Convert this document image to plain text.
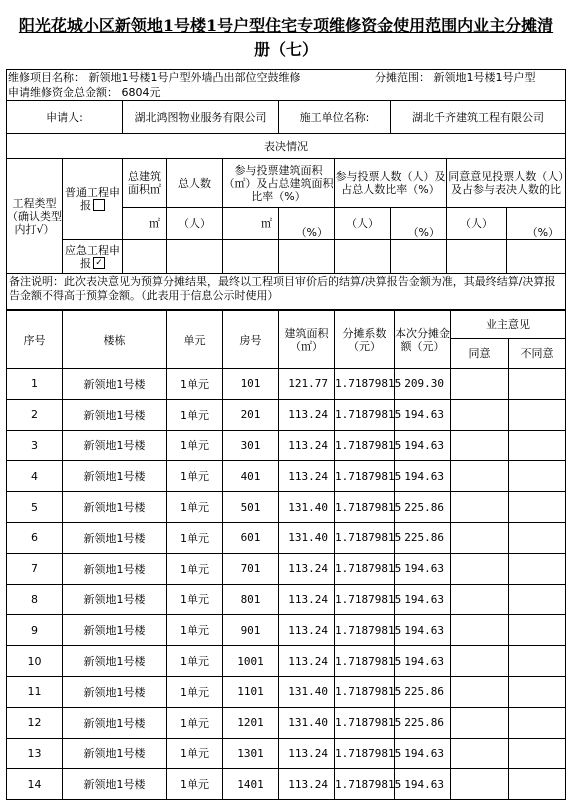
阳光花城小区新领地1号楼1号户型住宅专项维修资金使用范围内业主分摊清
册（七）
维修项目名称： 新领地1号楼1号户型外墙凸出部位空鼓维修	分摊范围： 新领地1号楼1号户型
申请维修资金总金额： 6804元
申请人:		湖北鸿图物业服务有限公司			施工单位名称:		湖北千齐建筑工程有限公司		
表决情况									
工程类型（确认类型内打√）	普通工程申报	总建筑面积㎡	总人数	参与投票建筑面积（㎡）及占总建筑面积比率（%）		参与投票人数（人）及占总人数比率（%）		同意意见投票人数（人）及占参与表决人数的比	
		㎡	（人）	㎡	（%）	（人）	（%）	（人）	（%）
	应急工程申报 ✓								
备注说明：此次表决意见为预算分摊结果，最终以工程项目审价后的结算/决算报告金额为准，其最终结算/决算报告金额不得高于预算金额。（此表用于信息公示时使用）									
序号	楼栋	单元	房号	建筑面积（㎡）	分摊系数（元）	本次分摊金额（元）	业主意见	
							同意	不同意
1	新领地1号楼	1单元	101	121.77	1.71879815	209.30		
2	新领地1号楼	1单元	201	113.24	1.71879815	194.63		
3	新领地1号楼	1单元	301	113.24	1.71879815	194.63		
4	新领地1号楼	1单元	401	113.24	1.71879815	194.63		
5	新领地1号楼	1单元	501	131.40	1.71879815	225.86		
6	新领地1号楼	1单元	601	131.40	1.71879815	225.86		
7	新领地1号楼	1单元	701	113.24	1.71879815	194.63		
8	新领地1号楼	1单元	801	113.24	1.71879815	194.63		
9	新领地1号楼	1单元	901	113.24	1.71879815	194.63		
10	新领地1号楼	1单元	1001	113.24	1.71879815	194.63		
11	新领地1号楼	1单元	1101	131.40	1.71879815	225.86		
12	新领地1号楼	1单元	1201	131.40	1.71879815	225.86		
13	新领地1号楼	1单元	1301	113.24	1.71879815	194.63		
14	新领地1号楼	1单元	1401	113.24	1.71879815	194.63		
